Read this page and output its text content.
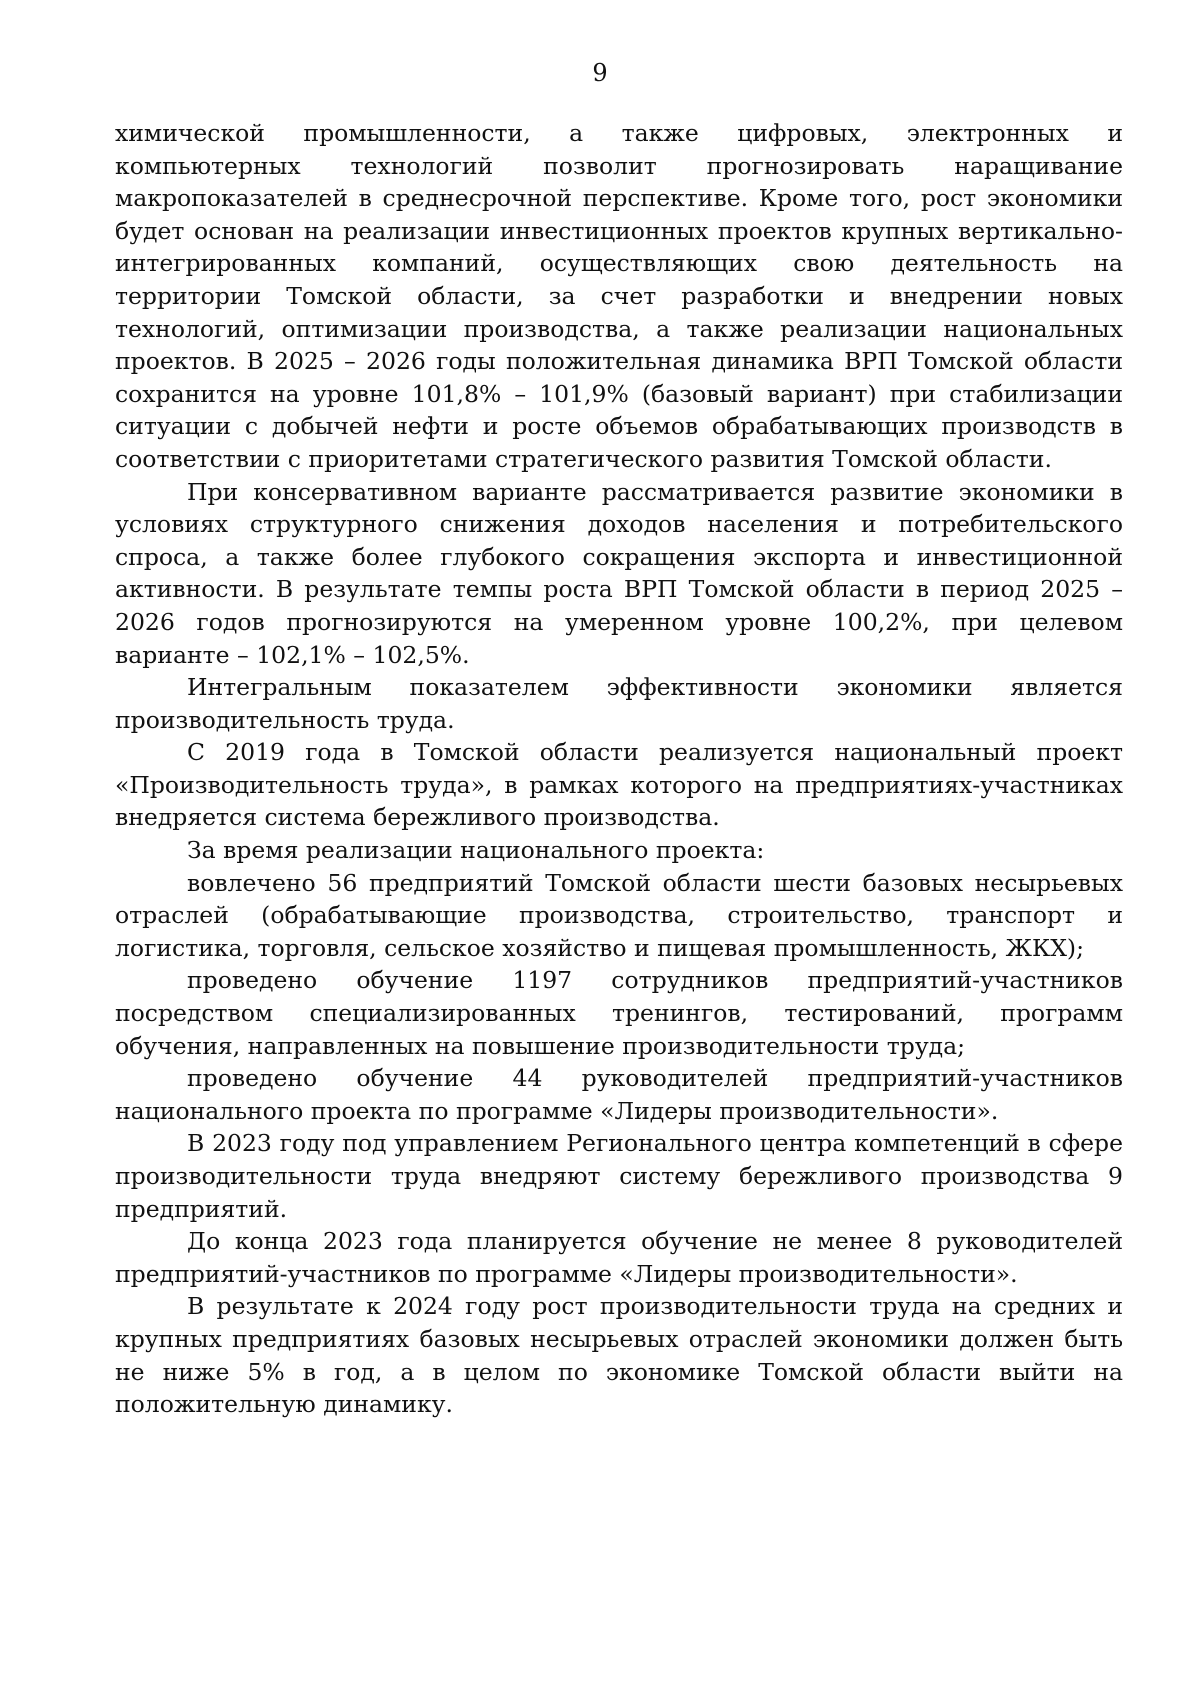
9

химической промышленности, а также цифровых, электронных и компьютерных технологий позволит прогнозировать наращивание макропоказателей в среднесрочной перспективе. Кроме того, рост экономики будет основан на реализации инвестиционных проектов крупных вертикально-интегрированных компаний, осуществляющих свою деятельность на территории Томской области, за счет разработки и внедрении новых технологий, оптимизации производства, а также реализации национальных проектов. В 2025 – 2026 годы положительная динамика ВРП Томской области сохранится на уровне 101,8% – 101,9% (базовый вариант) при стабилизации ситуации с добычей нефти и росте объемов обрабатывающих производств в соответствии с приоритетами стратегического развития Томской области.

При консервативном варианте рассматривается развитие экономики в условиях структурного снижения доходов населения и потребительского спроса, а также более глубокого сокращения экспорта и инвестиционной активности. В результате темпы роста ВРП Томской области в период 2025 – 2026 годов прогнозируются на умеренном уровне 100,2%, при целевом варианте – 102,1% – 102,5%.

Интегральным показателем эффективности экономики является производительность труда.

С 2019 года в Томской области реализуется национальный проект «Производительность труда», в рамках которого на предприятиях-участниках внедряется система бережливого производства.

За время реализации национального проекта:

вовлечено 56 предприятий Томской области шести базовых несырьевых отраслей (обрабатывающие производства, строительство, транспорт и логистика, торговля, сельское хозяйство и пищевая промышленность, ЖКХ);

проведено обучение 1197 сотрудников предприятий-участников посредством специализированных тренингов, тестирований, программ обучения, направленных на повышение производительности труда;

проведено обучение 44 руководителей предприятий-участников национального проекта по программе «Лидеры производительности».

В 2023 году под управлением Регионального центра компетенций в сфере производительности труда внедряют систему бережливого производства 9 предприятий.

До конца 2023 года планируется обучение не менее 8 руководителей предприятий-участников по программе «Лидеры производительности».

В результате к 2024 году рост производительности труда на средних и крупных предприятиях базовых несырьевых отраслей экономики должен быть не ниже 5% в год, а в целом по экономике Томской области выйти на положительную динамику.
